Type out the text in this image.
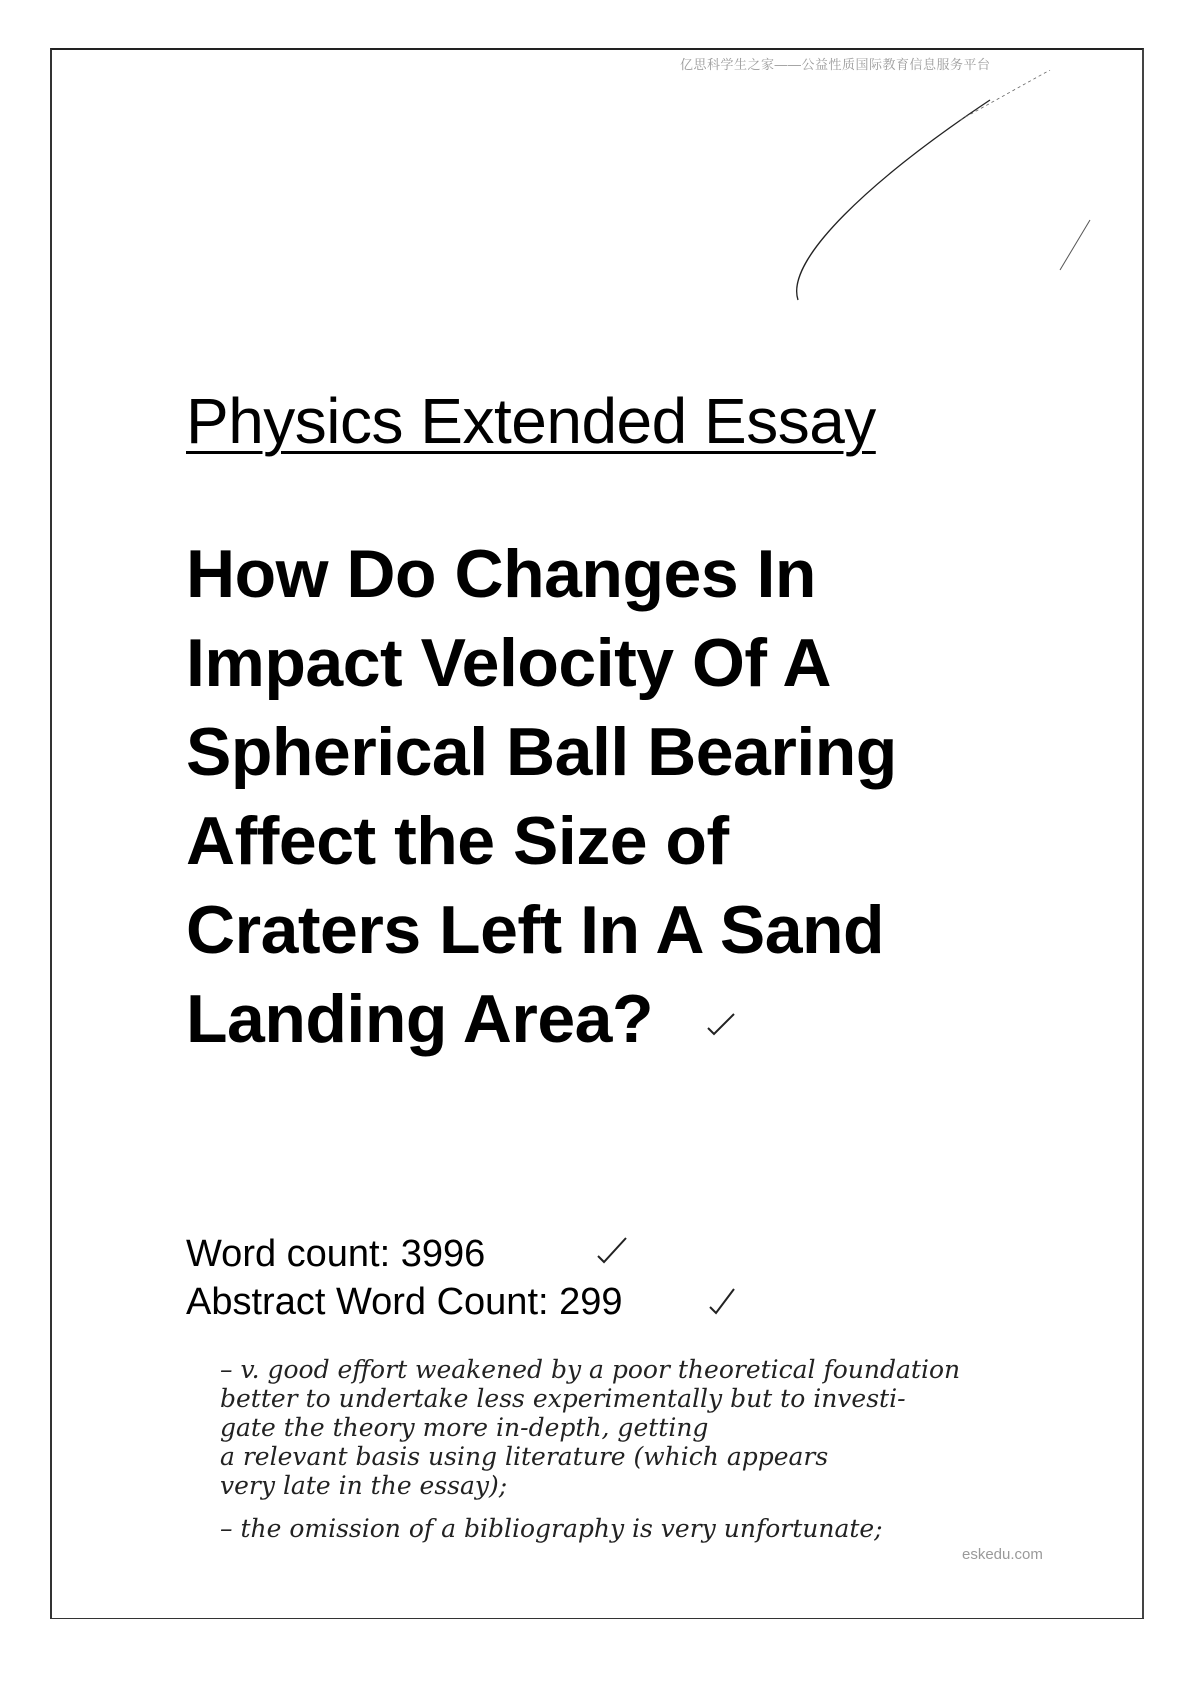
亿思科学生之家——公益性质国际教育信息服务平台
Physics Extended Essay
How Do Changes In
Impact Velocity Of A
Spherical Ball Bearing
Affect the Size of
Craters Left In A Sand
Landing Area?
Word count: 3996
Abstract Word Count: 299
– v. good effort weakened by a poor theoretical foundation
better to undertake less experimentally but to investi-
gate the theory more in-depth, getting
a relevant basis using literature (which appears
very late in the essay);
– the omission of a bibliography is very unfortunate;
eskedu.com
